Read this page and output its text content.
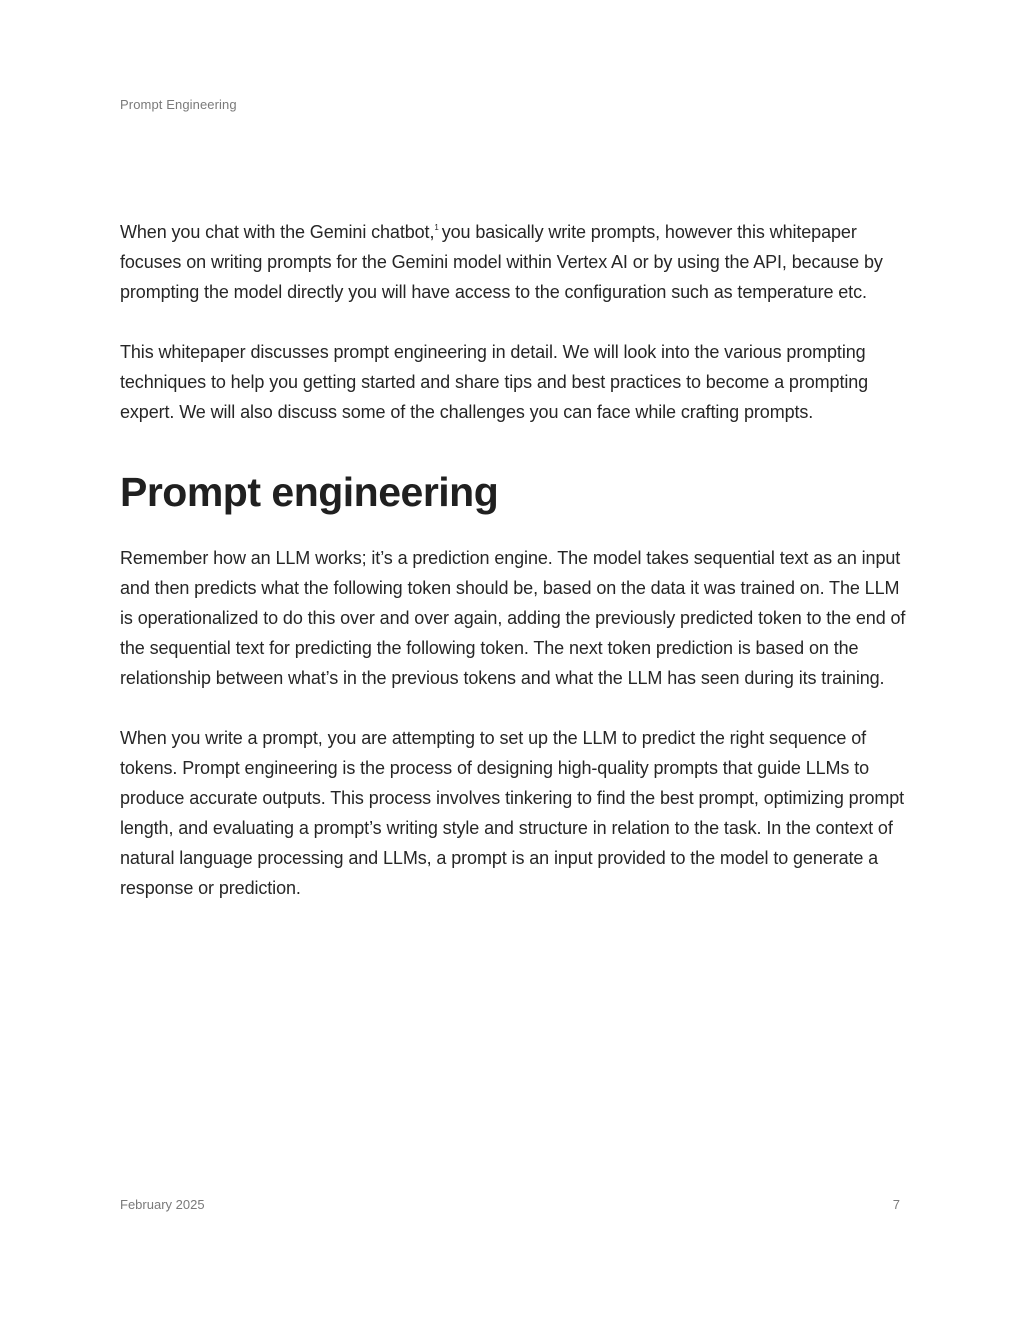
Prompt Engineering

When you chat with the Gemini chatbot,$^1$ you basically write prompts, however this whitepaper focuses on writing prompts for the Gemini model within Vertex AI or by using the API, because by prompting the model directly you will have access to the configuration such as temperature etc.

This whitepaper discusses prompt engineering in detail. We will look into the various prompting techniques to help you getting started and share tips and best practices to become a prompting expert. We will also discuss some of the challenges you can face while crafting prompts.

Prompt engineering

Remember how an LLM works; it’s a prediction engine. The model takes sequential text as an input and then predicts what the following token should be, based on the data it was trained on. The LLM is operationalized to do this over and over again, adding the previously predicted token to the end of the sequential text for predicting the following token. The next token prediction is based on the relationship between what’s in the previous tokens and what the LLM has seen during its training.

When you write a prompt, you are attempting to set up the LLM to predict the right sequence of tokens. Prompt engineering is the process of designing high-quality prompts that guide LLMs to produce accurate outputs. This process involves tinkering to find the best prompt, optimizing prompt length, and evaluating a prompt’s writing style and structure in relation to the task. In the context of natural language processing and LLMs, a prompt is an input provided to the model to generate a response or prediction.

February 2025	7
